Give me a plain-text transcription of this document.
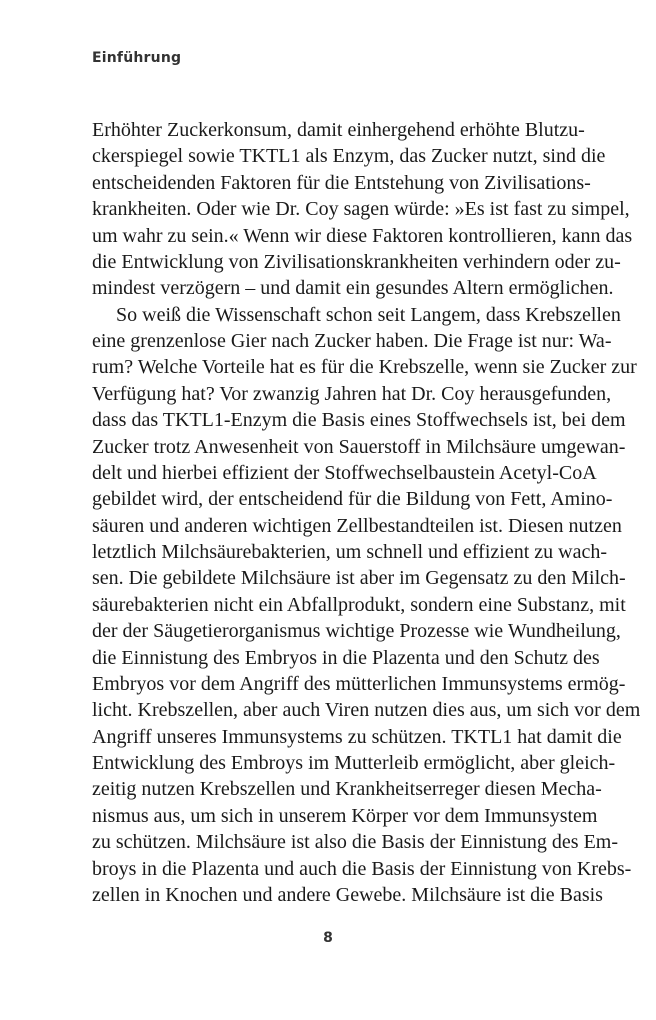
Einführung
Erhöhter Zuckerkonsum, damit einhergehend erhöhte Blutzu-
ckerspiegel sowie TKTL1 als Enzym, das Zucker nutzt, sind die
entscheidenden Faktoren für die Entstehung von Zivilisations-
krankheiten. Oder wie Dr. Coy sagen würde: »Es ist fast zu simpel,
um wahr zu sein.« Wenn wir diese Faktoren kontrollieren, kann das
die Entwicklung von Zivilisationskrankheiten verhindern oder zu-
mindest verzögern – und damit ein gesundes Altern ermöglichen.
So weiß die Wissenschaft schon seit Langem, dass Krebszellen
eine grenzenlose Gier nach Zucker haben. Die Frage ist nur: Wa-
rum? Welche Vorteile hat es für die Krebszelle, wenn sie Zucker zur
Verfügung hat? Vor zwanzig Jahren hat Dr. Coy herausgefunden,
dass das TKTL1-Enzym die Basis eines Stoffwechsels ist, bei dem
Zucker trotz Anwesenheit von Sauerstoff in Milchsäure umgewan-
delt und hierbei effizient der Stoffwechselbaustein Acetyl-CoA
gebildet wird, der entscheidend für die Bildung von Fett, Amino-
säuren und anderen wichtigen Zellbestandteilen ist. Diesen nutzen
letztlich Milchsäurebakterien, um schnell und effizient zu wach-
sen. Die gebildete Milchsäure ist aber im Gegensatz zu den Milch-
säurebakterien nicht ein Abfallprodukt, sondern eine Substanz, mit
der der Säugetierorganismus wichtige Prozesse wie Wundheilung,
die Einnistung des Embryos in die Plazenta und den Schutz des
Embryos vor dem Angriff des mütterlichen Immunsystems ermög-
licht. Krebszellen, aber auch Viren nutzen dies aus, um sich vor dem
Angriff unseres Immunsystems zu schützen. TKTL1 hat damit die
Entwicklung des Embroys im Mutterleib ermöglicht, aber gleich-
zeitig nutzen Krebszellen und Krankheitserreger diesen Mecha-
nismus aus, um sich in unserem Körper vor dem Immunsystem
zu schützen. Milchsäure ist also die Basis der Einnistung des Em-
broys in die Plazenta und auch die Basis der Einnistung von Krebs-
zellen in Knochen und andere Gewebe. Milchsäure ist die Basis
8
